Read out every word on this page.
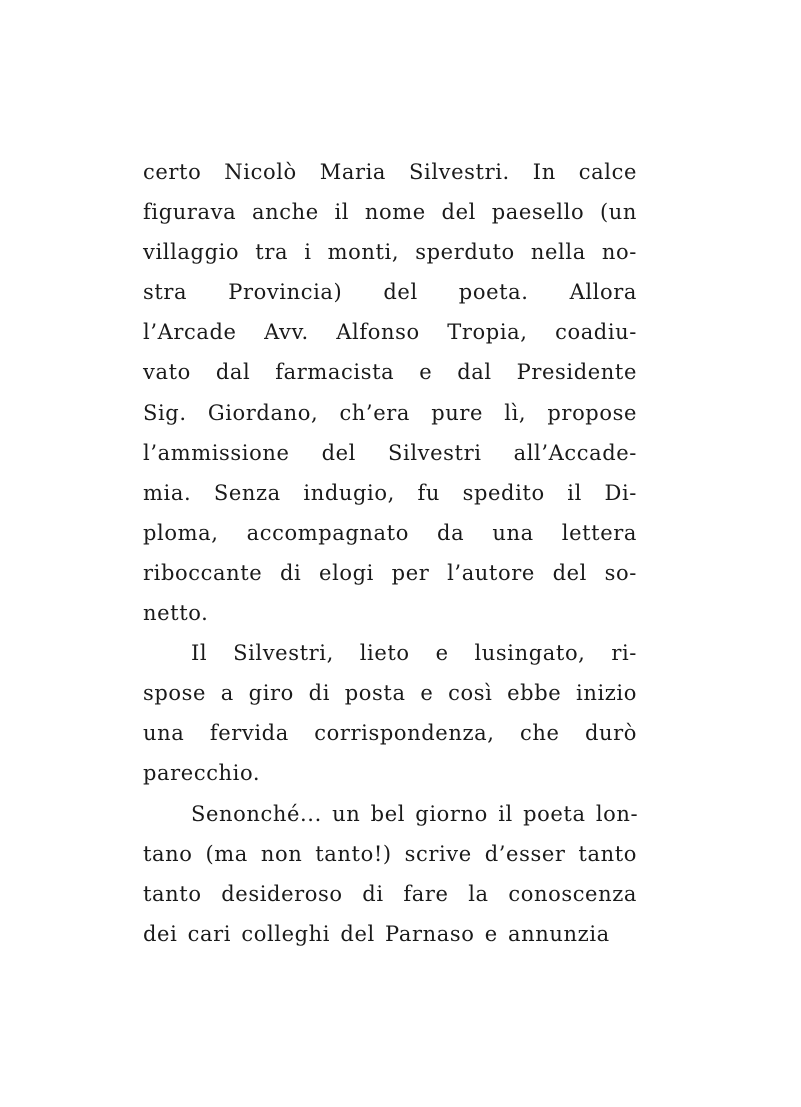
certo Nicolò Maria Silvestri. In calce
figurava anche il nome del paesello (un
villaggio tra i monti, sperduto nella no-
stra Provincia) del poeta. Allora
l’Arcade Avv. Alfonso Tropia, coadiu-
vato dal farmacista e dal Presidente
Sig. Giordano, ch’era pure lì, propose
l’ammissione del Silvestri all’Accade-
mia. Senza indugio, fu spedito il Di-
ploma, accompagnato da una lettera
riboccante di elogi per l’autore del so-
netto.
Il Silvestri, lieto e lusingato, ri-
spose a giro di posta e così ebbe inizio
una fervida corrispondenza, che durò
parecchio.
Senonché... un bel giorno il poeta lon-
tano (ma non tanto!) scrive d’esser tanto
tanto desideroso di fare la conoscenza
dei cari colleghi del Parnaso e annunzia
